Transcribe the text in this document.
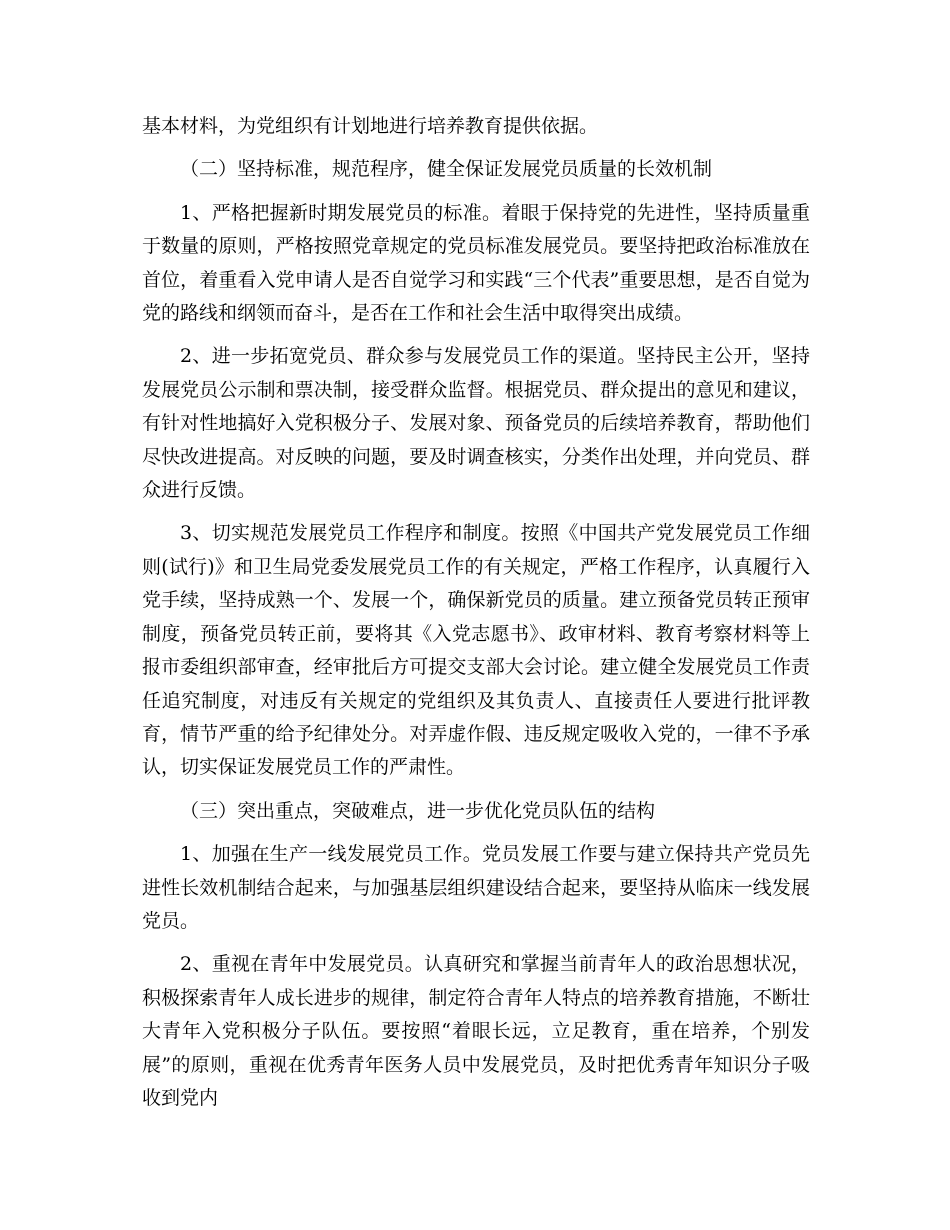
基本材料，为党组织有计划地进行培养教育提供依据。

（二）坚持标准，规范程序，健全保证发展党员质量的长效机制

1、严格把握新时期发展党员的标准。着眼于保持党的先进性，坚持质量重于数量的原则，严格按照党章规定的党员标准发展党员。要坚持把政治标准放在首位，着重看入党申请人是否自觉学习和实践“三个代表”重要思想，是否自觉为党的路线和纲领而奋斗，是否在工作和社会生活中取得突出成绩。

2、进一步拓宽党员、群众参与发展党员工作的渠道。坚持民主公开，坚持发展党员公示制和票决制，接受群众监督。根据党员、群众提出的意见和建议，有针对性地搞好入党积极分子、发展对象、预备党员的后续培养教育，帮助他们尽快改进提高。对反映的问题，要及时调查核实，分类作出处理，并向党员、群众进行反馈。

3、切实规范发展党员工作程序和制度。按照《中国共产党发展党员工作细则(试行)》和卫生局党委发展党员工作的有关规定，严格工作程序，认真履行入党手续，坚持成熟一个、发展一个，确保新党员的质量。建立预备党员转正预审制度，预备党员转正前，要将其《入党志愿书》、政审材料、教育考察材料等上报市委组织部审查，经审批后方可提交支部大会讨论。建立健全发展党员工作责任追究制度，对违反有关规定的党组织及其负责人、直接责任人要进行批评教育，情节严重的给予纪律处分。对弄虚作假、违反规定吸收入党的，一律不予承认，切实保证发展党员工作的严肃性。

（三）突出重点，突破难点，进一步优化党员队伍的结构

1、加强在生产一线发展党员工作。党员发展工作要与建立保持共产党员先进性长效机制结合起来，与加强基层组织建设结合起来，要坚持从临床一线发展党员。

2、重视在青年中发展党员。认真研究和掌握当前青年人的政治思想状况，积极探索青年人成长进步的规律，制定符合青年人特点的培养教育措施，不断壮大青年入党积极分子队伍。要按照“着眼长远，立足教育，重在培养，个别发展”的原则，重视在优秀青年医务人员中发展党员，及时把优秀青年知识分子吸收到党内
